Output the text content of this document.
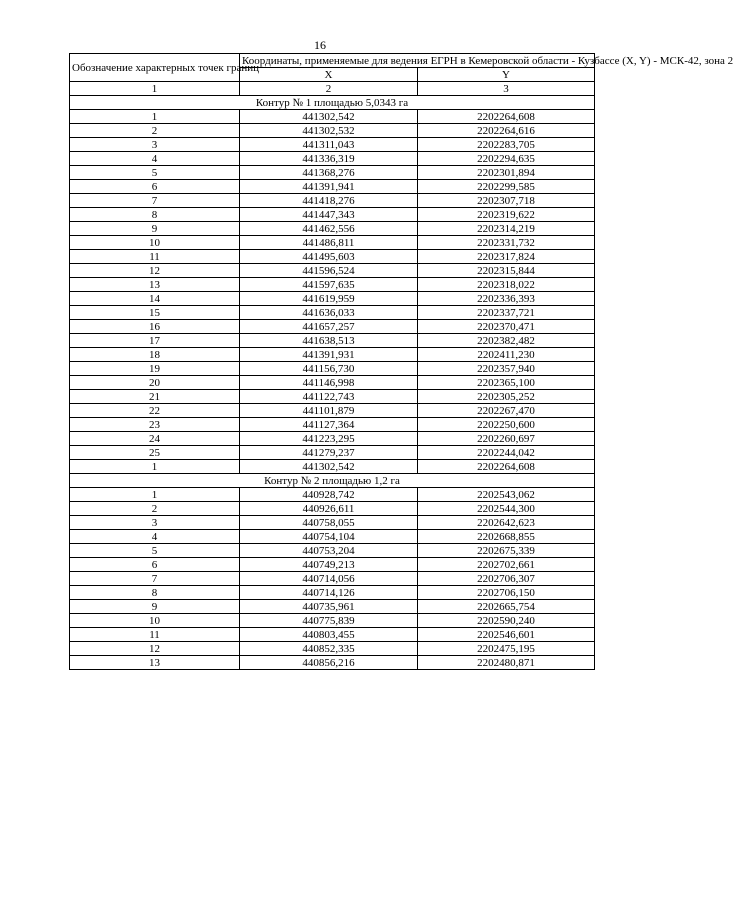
16
Обозначение характерных точек границ	Координаты, применяемые для ведения ЕГРН в Кемеровской области - Кузбассе (X, Y) - МСК-42, зона 2	
	X	Y
1	2	3
Контур № 1 площадью 5,0343 га		
1	441302,542	2202264,608
2	441302,532	2202264,616
3	441311,043	2202283,705
4	441336,319	2202294,635
5	441368,276	2202301,894
6	441391,941	2202299,585
7	441418,276	2202307,718
8	441447,343	2202319,622
9	441462,556	2202314,219
10	441486,811	2202331,732
11	441495,603	2202317,824
12	441596,524	2202315,844
13	441597,635	2202318,022
14	441619,959	2202336,393
15	441636,033	2202337,721
16	441657,257	2202370,471
17	441638,513	2202382,482
18	441391,931	2202411,230
19	441156,730	2202357,940
20	441146,998	2202365,100
21	441122,743	2202305,252
22	441101,879	2202267,470
23	441127,364	2202250,600
24	441223,295	2202260,697
25	441279,237	2202244,042
1	441302,542	2202264,608
Контур № 2 площадью 1,2 га		
1	440928,742	2202543,062
2	440926,611	2202544,300
3	440758,055	2202642,623
4	440754,104	2202668,855
5	440753,204	2202675,339
6	440749,213	2202702,661
7	440714,056	2202706,307
8	440714,126	2202706,150
9	440735,961	2202665,754
10	440775,839	2202590,240
11	440803,455	2202546,601
12	440852,335	2202475,195
13	440856,216	2202480,871
